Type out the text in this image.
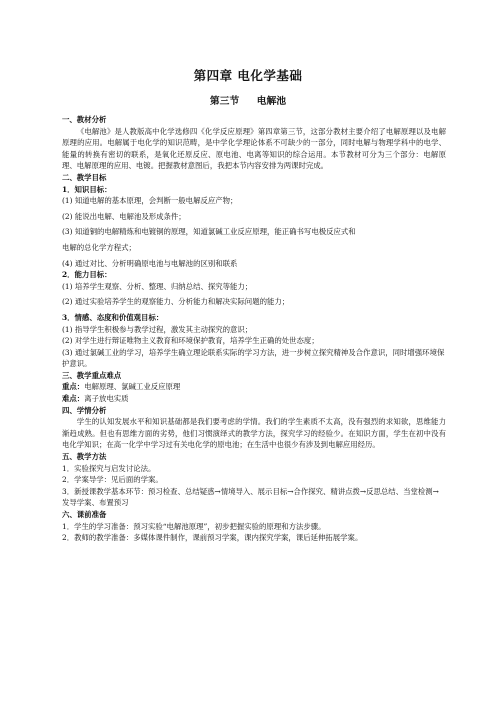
第四章 电化学基础
第三节 电解池
一、教材分析
《电解池》是人教版高中化学选修四《化学反应原理》第四章第三节，这部分教材主要介绍了电解原理以及电解原理的应用。电解属于电化学的知识范畴，是中学化学理论体系不可缺少的一部分，同时电解与物理学科中的电学、能量的转换有密切的联系，是氧化还原反应、原电池、电离等知识的综合运用。本节教材可分为三个部分：电解原理、电解原理的应用、电镀。把握教材意图后，我把本节内容安排为两课时完成。
二、教学目标
1．知识目标：
(1) 知道电解的基本原理，会判断一般电解反应产物；
(2) 能说出电解、电解池及形成条件；
(3) 知道铜的电解精炼和电镀铜的原理，知道氯碱工业反应原理，能正确书写电极反应式和
电解的总化学方程式；
(4) 通过对比、分析明确原电池与电解池的区别和联系
2．能力目标：
(1) 培养学生观察、分析、整理、归纳总结、探究等能力；
(2) 通过实验培养学生的观察能力、分析能力和解决实际问题的能力；
3．情感、态度和价值观目标：
(1) 指导学生积极参与教学过程，激发其主动探究的意识；
(2) 对学生进行辩证唯物主义教育和环境保护教育，培养学生正确的处世态度；
(3) 通过氯碱工业的学习，培养学生确立理论联系实际的学习方法，进一步树立探究精神及合作意识，同时增强环境保护意识。
三、教学重点难点
重点：电解原理、氯碱工业反应原理
难点：离子放电实质
四、学情分析
学生的认知发展水平和知识基础都是我们要考虑的学情。我们的学生素质不太高，没有强烈的求知欲，思维能力渐趋成熟。但也有思维方面的劣势，他们习惯演绎式的教学方法，探究学习的经验少。在知识方面，学生在初中没有电化学知识；在高一化学中学习过有关电化学的原电池；在生活中也很少有涉及到电解应用经历。
五、教学方法
1．实验探究与启发讨论法。
2．学案导学：见后面的学案。
3．新授课教学基本环节：预习检查、总结疑惑→情境导入、展示目标→合作探究、精讲点拨→反思总结、当堂检测→发导学案、布置预习
六、课前准备
1．学生的学习准备：预习实验“电解池原理”，初步把握实验的原理和方法步骤。
2．教师的教学准备：多媒体课件制作，课前预习学案，课内探究学案，课后延伸拓展学案。
